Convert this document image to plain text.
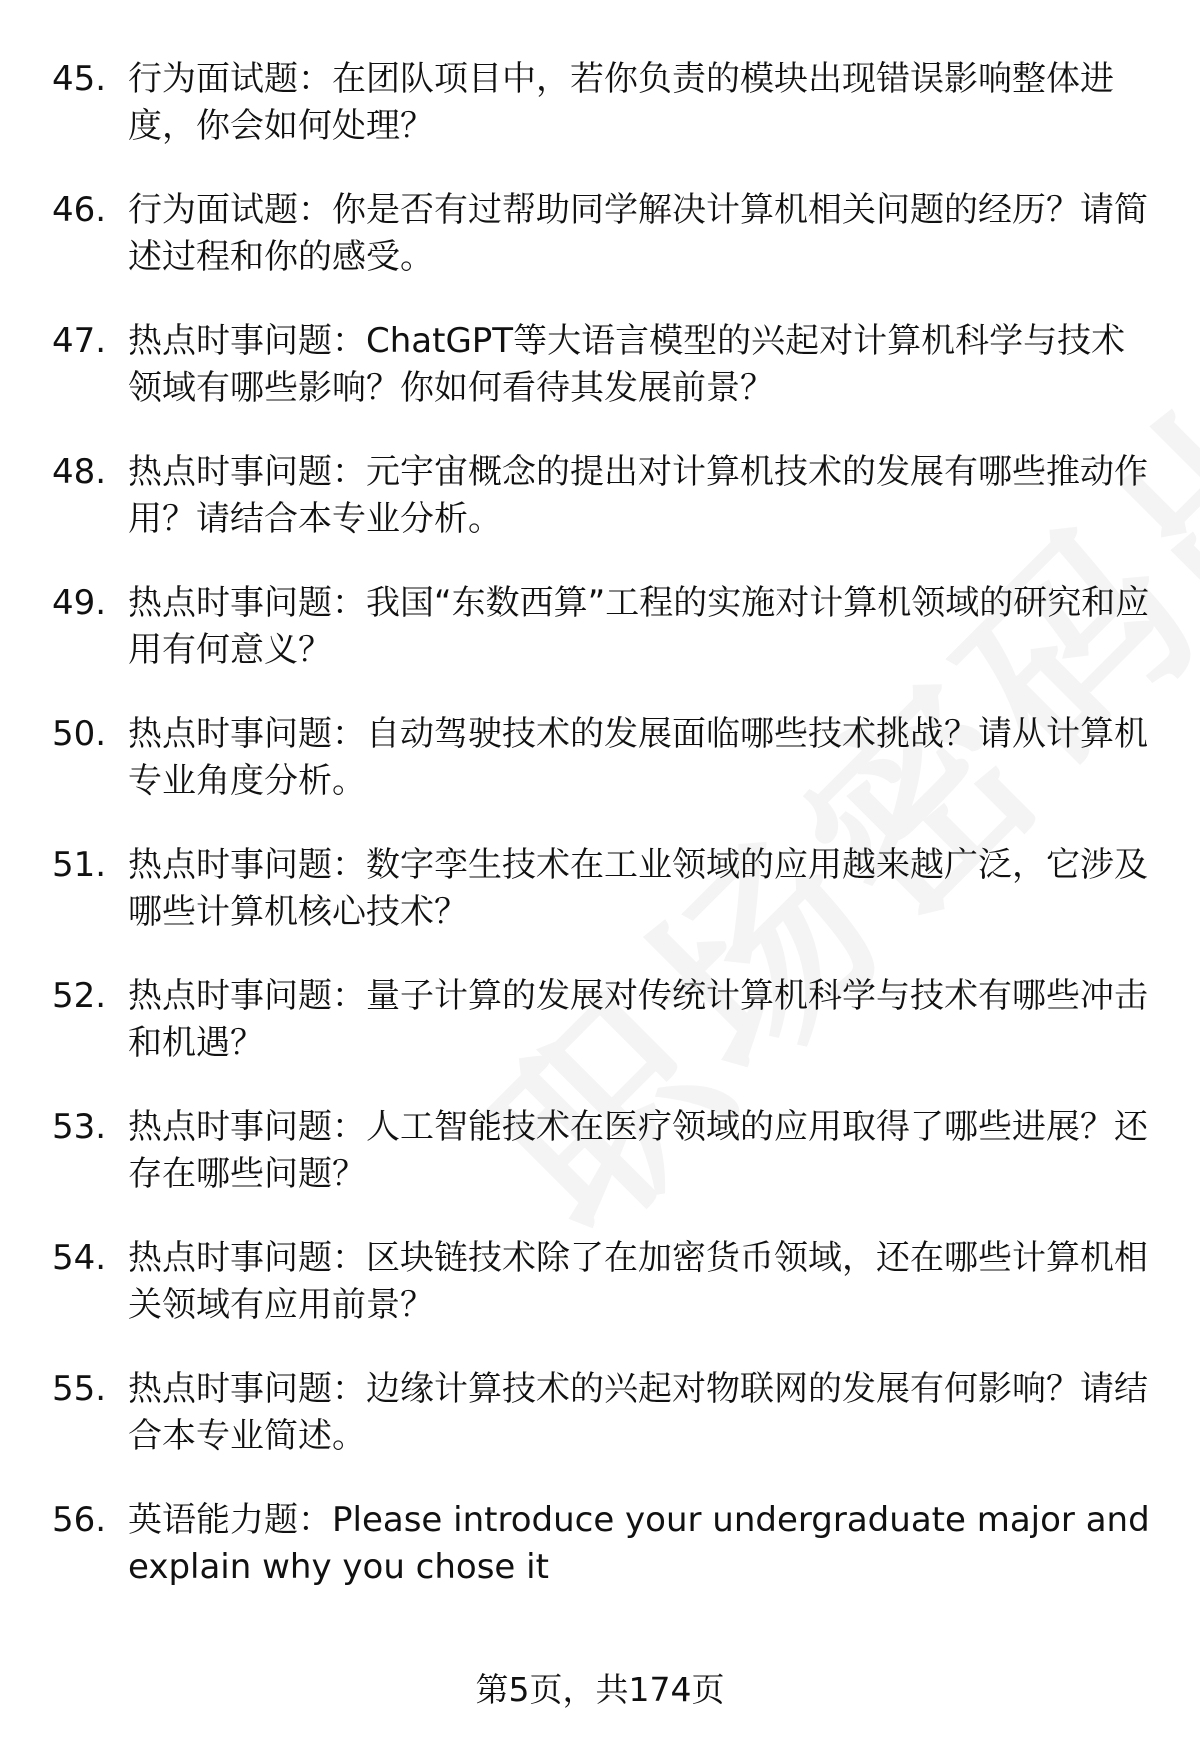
45. 行为面试题：在团队项目中，若你负责的模块出现错误影响整体进度，你会如何处理？
46. 行为面试题：你是否有过帮助同学解决计算机相关问题的经历？请简述过程和你的感受。
47. 热点时事问题：ChatGPT等大语言模型的兴起对计算机科学与技术领域有哪些影响？你如何看待其发展前景？
48. 热点时事问题：元宇宙概念的提出对计算机技术的发展有哪些推动作用？请结合本专业分析。
49. 热点时事问题：我国“东数西算”工程的实施对计算机领域的研究和应用有何意义？
50. 热点时事问题：自动驾驶技术的发展面临哪些技术挑战？请从计算机专业角度分析。
51. 热点时事问题：数字孪生技术在工业领域的应用越来越广泛，它涉及哪些计算机核心技术？
52. 热点时事问题：量子计算的发展对传统计算机科学与技术有哪些冲击和机遇？
53. 热点时事问题：人工智能技术在医疗领域的应用取得了哪些进展？还存在哪些问题？
54. 热点时事问题：区块链技术除了在加密货币领域，还在哪些计算机相关领域有应用前景？
55. 热点时事问题：边缘计算技术的兴起对物联网的发展有何影响？请结合本专业简述。
56. 英语能力题：Please introduce your undergraduate major and explain why you chose it
第5页，共174页
